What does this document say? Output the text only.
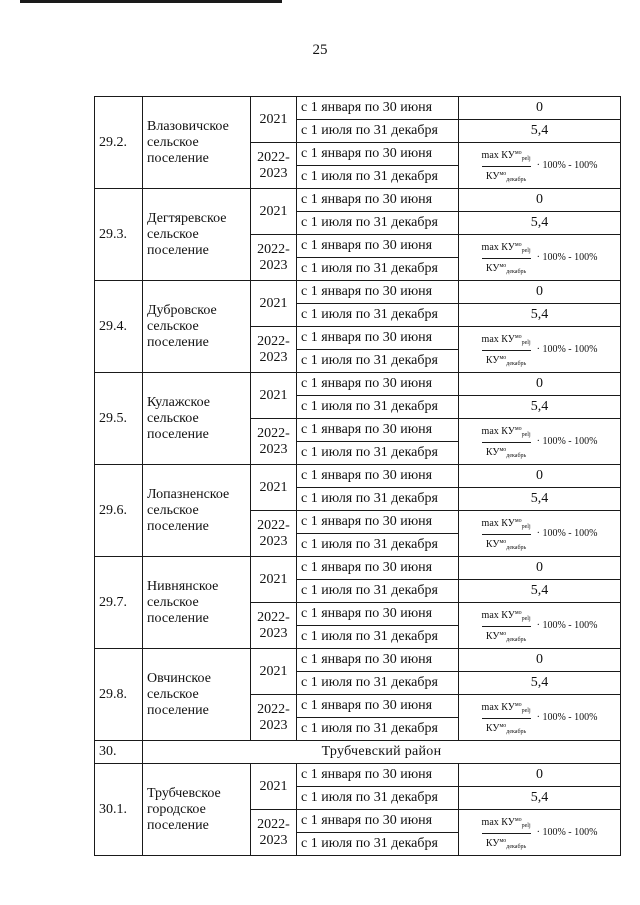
25
29.2.	Влазовичское
сельское
поселение	2021	с 1 января по 30 июня	0
			с 1 июля по 31 декабря	5,4

		2022-
2023	с 1 января по 30 июня	$\frac{\max КУ^{мо}_{pelj}}{КУ^{мо}_{декабрь}} \cdot 100\% - 100\%$

			с 1 июля по 31 декабря	
29.3.	Дегтяревское
сельское
поселение	2021	с 1 января по 30 июня	0
			с 1 июля по 31 декабря	5,4

		2022-
2023	с 1 января по 30 июня	$\frac{\max КУ^{мо}_{pelj}}{КУ^{мо}_{декабрь}} \cdot 100\% - 100\%$

			с 1 июля по 31 декабря	
29.4.	Дубровское
сельское
поселение	2021	с 1 января по 30 июня	0
			с 1 июля по 31 декабря	5,4

		2022-
2023	с 1 января по 30 июня	$\frac{\max КУ^{мо}_{pelj}}{КУ^{мо}_{декабрь}} \cdot 100\% - 100\%$

			с 1 июля по 31 декабря	
29.5.	Кулажское
сельское
поселение	2021	с 1 января по 30 июня	0
			с 1 июля по 31 декабря	5,4

		2022-
2023	с 1 января по 30 июня	$\frac{\max КУ^{мо}_{pelj}}{КУ^{мо}_{декабрь}} \cdot 100\% - 100\%$

			с 1 июля по 31 декабря	
29.6.	Лопазненское
сельское
поселение	2021	с 1 января по 30 июня	0
			с 1 июля по 31 декабря	5,4

		2022-
2023	с 1 января по 30 июня	$\frac{\max КУ^{мо}_{pelj}}{КУ^{мо}_{декабрь}} \cdot 100\% - 100\%$

			с 1 июля по 31 декабря	
29.7.	Нивнянское
сельское
поселение	2021	с 1 января по 30 июня	0
			с 1 июля по 31 декабря	5,4

		2022-
2023	с 1 января по 30 июня	$\frac{\max КУ^{мо}_{pelj}}{КУ^{мо}_{декабрь}} \cdot 100\% - 100\%$

			с 1 июля по 31 декабря	
29.8.	Овчинское
сельское
поселение	2021	с 1 января по 30 июня	0
			с 1 июля по 31 декабря	5,4

		2022-
2023	с 1 января по 30 июня	$\frac{\max КУ^{мо}_{pelj}}{КУ^{мо}_{декабрь}} \cdot 100\% - 100\%$

			с 1 июля по 31 декабря	
30.	Трубчевский район			
30.1.	Трубчевское
городское
поселение	2021	с 1 января по 30 июня	0
			с 1 июля по 31 декабря	5,4

		2022-
2023	с 1 января по 30 июня	$\frac{\max КУ^{мо}_{pelj}}{КУ^{мо}_{декабрь}} \cdot 100\% - 100\%$

			с 1 июля по 31 декабря	
